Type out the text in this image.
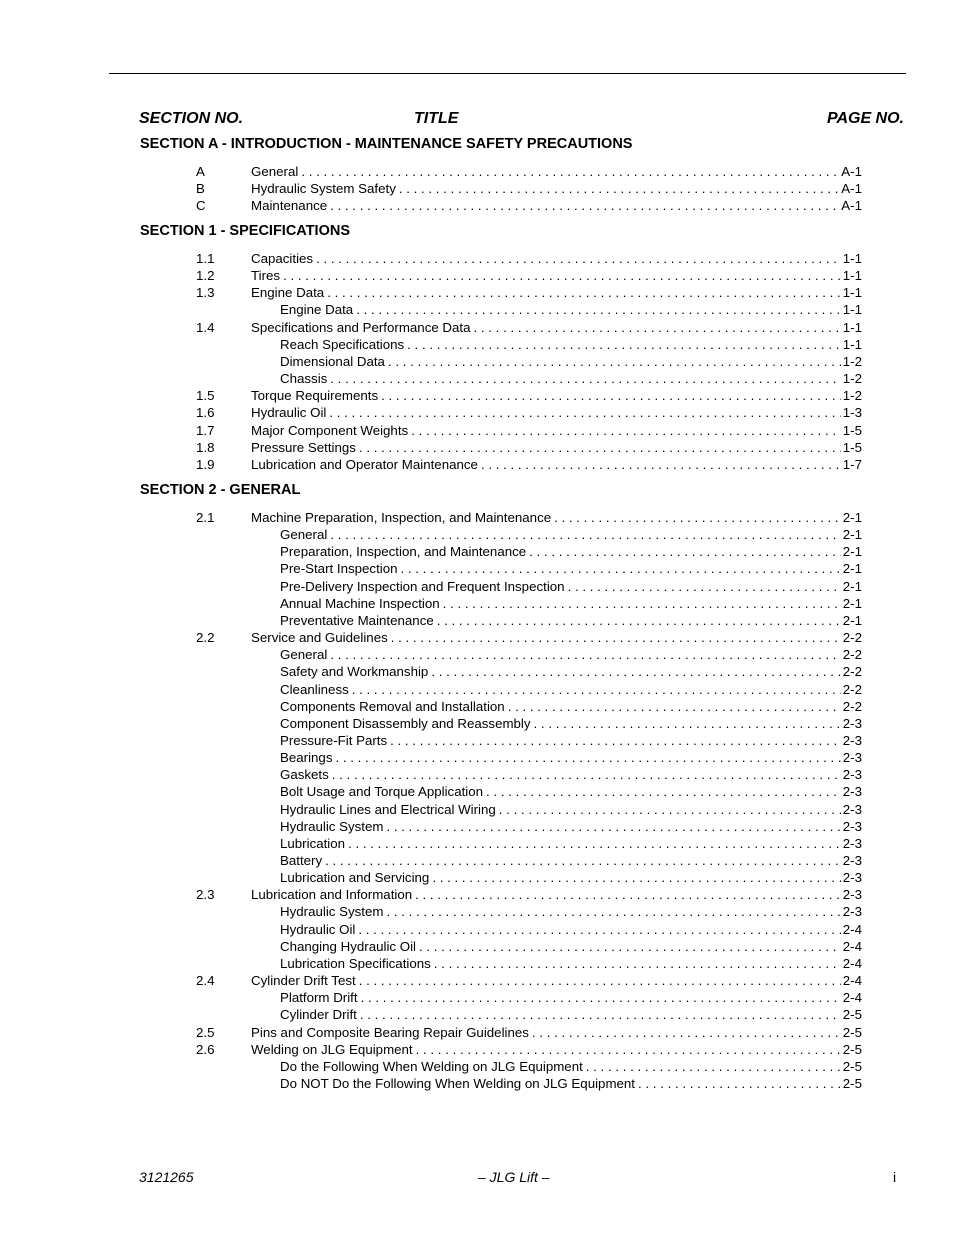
SECTION NO.	TITLE	PAGE NO.
SECTION A - INTRODUCTION - MAINTENANCE SAFETY PRECAUTIONS
A	General . . .	A-1
B	Hydraulic System Safety . . .	A-1
C	Maintenance . . .	A-1
SECTION 1 - SPECIFICATIONS
1.1	Capacities . . .	1-1
1.2	Tires . . .	1-1
1.3	Engine Data . . .	1-1
Engine Data . . .	1-1
1.4	Specifications and Performance Data . . .	1-1
Reach Specifications . . .	1-1
Dimensional Data . . .	1-2
Chassis . . .	1-2
1.5	Torque Requirements . . .	1-2
1.6	Hydraulic Oil . . .	1-3
1.7	Major Component Weights . . .	1-5
1.8	Pressure Settings . . .	1-5
1.9	Lubrication and Operator Maintenance . . .	1-7
SECTION 2 - GENERAL
2.1	Machine Preparation, Inspection, and Maintenance . . .	2-1
General . . .	2-1
Preparation, Inspection, and Maintenance . . .	2-1
Pre-Start Inspection . . .	2-1
Pre-Delivery Inspection and Frequent Inspection . . .	2-1
Annual Machine Inspection . . .	2-1
Preventative Maintenance . . .	2-1
2.2	Service and Guidelines . . .	2-2
General . . .	2-2
Safety and Workmanship . . .	2-2
Cleanliness . . .	2-2
Components Removal and Installation . . .	2-2
Component Disassembly and Reassembly . . .	2-3
Pressure-Fit Parts . . .	2-3
Bearings . . .	2-3
Gaskets . . .	2-3
Bolt Usage and Torque Application . . .	2-3
Hydraulic Lines and Electrical Wiring . . .	2-3
Hydraulic System . . .	2-3
Lubrication . . .	2-3
Battery . . .	2-3
Lubrication and Servicing . . .	2-3
2.3	Lubrication and Information . . .	2-3
Hydraulic System . . .	2-3
Hydraulic Oil . . .	2-4
Changing Hydraulic Oil . . .	2-4
Lubrication Specifications . . .	2-4
2.4	Cylinder Drift Test . . .	2-4
Platform Drift . . .	2-4
Cylinder Drift . . .	2-5
2.5	Pins and Composite Bearing Repair Guidelines . . .	2-5
2.6	Welding on JLG Equipment . . .	2-5
Do the Following When Welding on JLG Equipment . . .	2-5
Do NOT Do the Following When Welding on JLG Equipment . . .	2-5
3121265	– JLG Lift –	i
